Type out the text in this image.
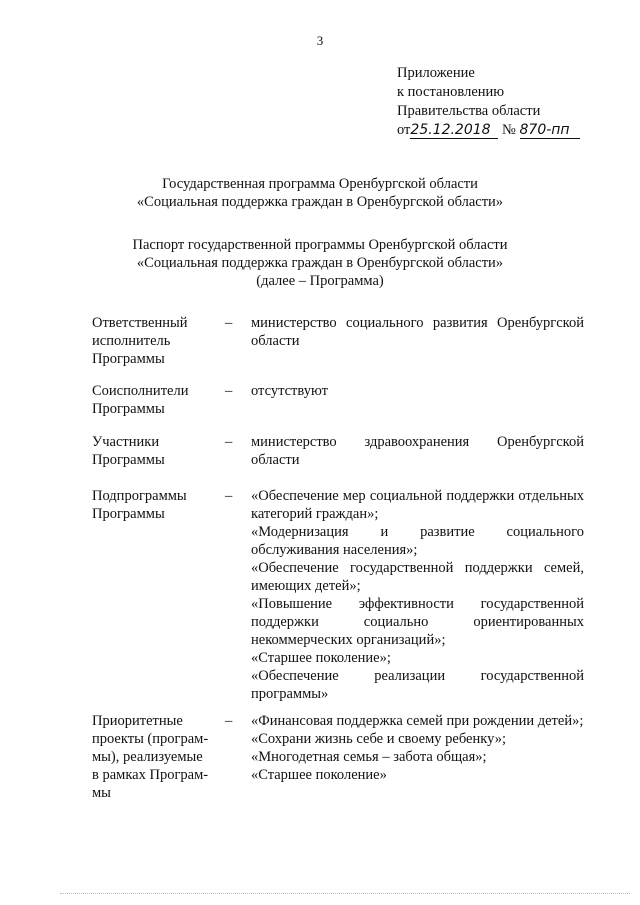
3
Приложение
к постановлению
Правительства области
от25.12.2018 № 870-пп
Государственная программа Оренбургской области
«Социальная поддержка граждан в Оренбургской области»
Паспорт государственной программы Оренбургской области
«Социальная поддержка граждан в Оренбургской области»
(далее – Программа)
Ответственный
исполнитель
Программы
– министерство социального развития Оренбургской области

Соисполнители
Программы
– отсутствуют

Участники
Программы
– министерство здравоохранения Оренбургской области

Подпрограммы
Программы
– «Обеспечение мер социальной поддержки отдельных категорий граждан»;

«Модернизация и развитие социального обслуживания населения»;

«Обеспечение государственной поддержки семей, имеющих детей»;

«Повышение эффективности государственной поддержки социально ориентированных некоммерческих организаций»;

«Старшее поколение»;

«Обеспечение реализации государственной программы»

Приоритетные
проекты (програм-
мы), реализуемые
в рамках Програм-
мы
– «Финансовая поддержка семей при рождении детей»;

«Сохрани жизнь себе и своему ребенку»;

«Многодетная семья – забота общая»;

«Старшее поколение»
